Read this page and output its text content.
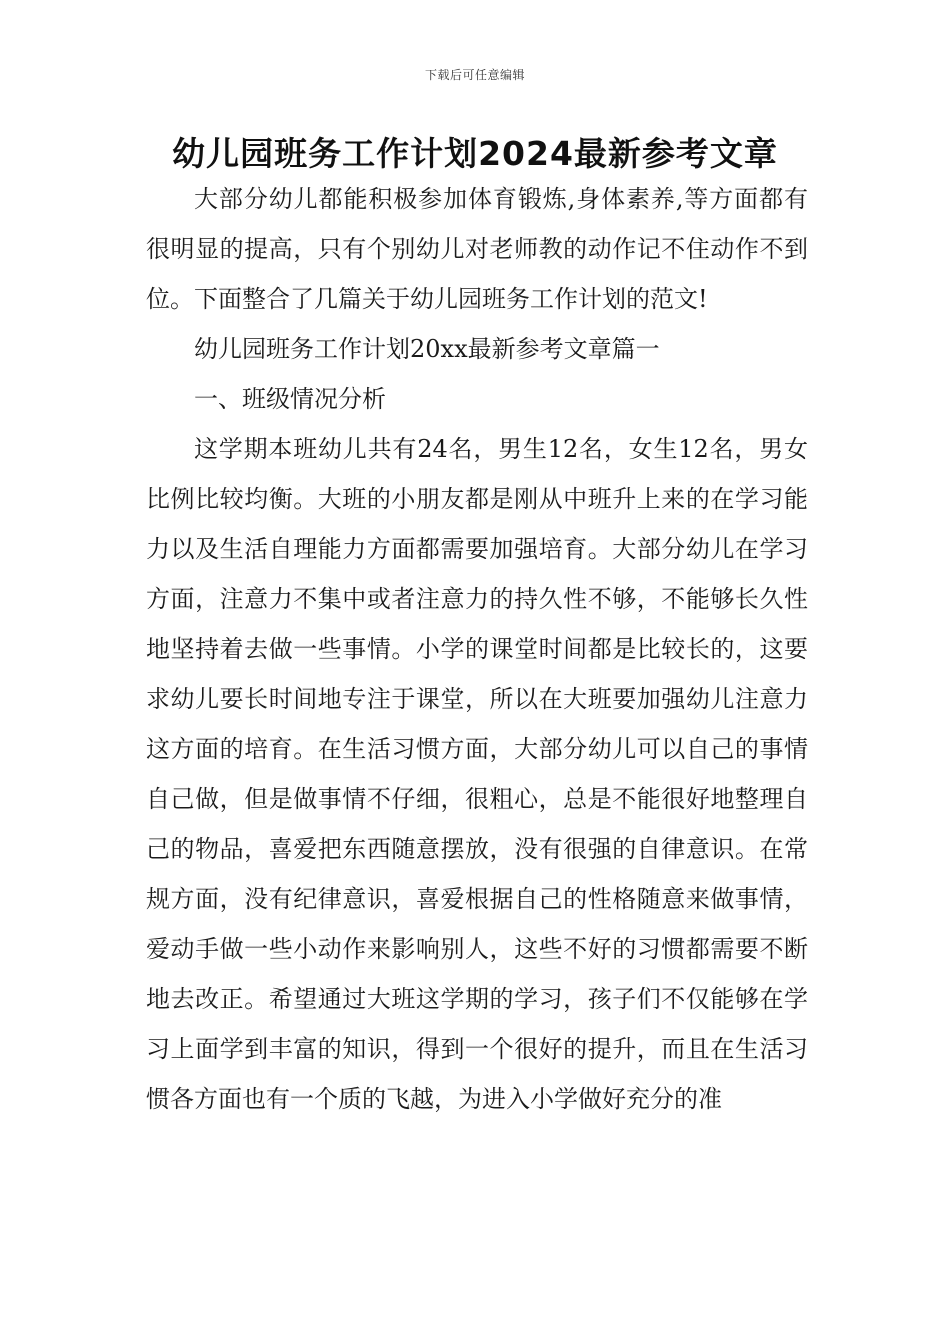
下载后可任意编辑
幼儿园班务工作计划2024最新参考文章

大部分幼儿都能积极参加体育锻炼,身体素养,等方面都有很明显的提高，只有个别幼儿对老师教的动作记不住动作不到位。下面整合了几篇关于幼儿园班务工作计划的范文!

幼儿园班务工作计划20xx最新参考文章篇一

一、班级情况分析

这学期本班幼儿共有24名，男生12名，女生12名，男女比例比较均衡。大班的小朋友都是刚从中班升上来的在学习能力以及生活自理能力方面都需要加强培育。大部分幼儿在学习方面，注意力不集中或者注意力的持久性不够，不能够长久性地坚持着去做一些事情。小学的课堂时间都是比较长的，这要求幼儿要长时间地专注于课堂，所以在大班要加强幼儿注意力这方面的培育。在生活习惯方面，大部分幼儿可以自己的事情自己做，但是做事情不仔细，很粗心，总是不能很好地整理自己的物品，喜爱把东西随意摆放，没有很强的自律意识。在常规方面，没有纪律意识，喜爱根据自己的性格随意来做事情，爱动手做一些小动作来影响别人，这些不好的习惯都需要不断地去改正。希望通过大班这学期的学习，孩子们不仅能够在学习上面学到丰富的知识，得到一个很好的提升，而且在生活习惯各方面也有一个质的飞越，为进入小学做好充分的准
